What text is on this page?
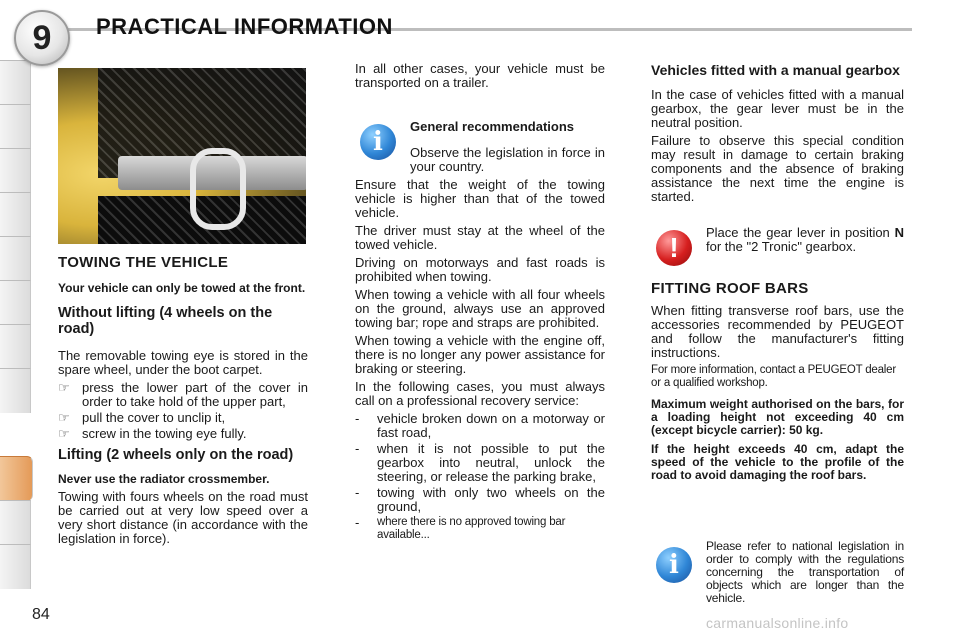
9	PRACTICAL INFORMATION

TOWING THE VEHICLE

Your vehicle can only be towed at the front.

Without lifting (4 wheels on the road)

The removable towing eye is stored in the spare wheel, under the boot carpet.

☞ press the lower part of the cover in order to take hold of the upper part,
☞ pull the cover to unclip it,
☞ screw in the towing eye fully.

Lifting (2 wheels only on the road)

Never use the radiator crossmember.

Towing with fours wheels on the road must be carried out at very low speed over a very short distance (in accordance with the legislation in force).

In all other cases, your vehicle must be transported on a trailer.

i

General recommendations

Observe the legislation in force in your country.

Ensure that the weight of the towing vehicle is higher than that of the towed vehicle.

The driver must stay at the wheel of the towed vehicle.

Driving on motorways and fast roads is prohibited when towing.

When towing a vehicle with all four wheels on the ground, always use an approved towing bar; rope and straps are prohibited.

When towing a vehicle with the engine off, there is no longer any power assistance for braking or steering.

In the following cases, you must always call on a professional recovery service:

- vehicle broken down on a motorway or fast road,
- when it is not possible to put the gearbox into neutral, unlock the steering, or release the parking brake,
- towing with only two wheels on the ground,
-	where there is no approved towing bar available...

Vehicles fitted with a manual gearbox

In the case of vehicles fitted with a manual gearbox, the gear lever must be in the neutral position.

Failure to observe this special condition may result in damage to certain braking components and the absence of braking assistance the next time the engine is started.

!	Place the gear lever in position N for the "2 Tronic" gearbox.

FITTING ROOF BARS

When fitting transverse roof bars, use the accessories recommended by PEUGEOT and follow the manufacturer's fitting instructions.

For more information, contact a PEUGEOT dealer or a qualified workshop.

Maximum weight authorised on the bars, for a loading height not exceeding 40 cm (except bicycle carrier): 50 kg.

If the height exceeds 40 cm, adapt the speed of the vehicle to the profile of the road to avoid damaging the roof bars.

i

Please refer to national legislation in order to comply with the regulations concerning the transportation of objects which are longer than the vehicle.

84	carmanualsonline.info
